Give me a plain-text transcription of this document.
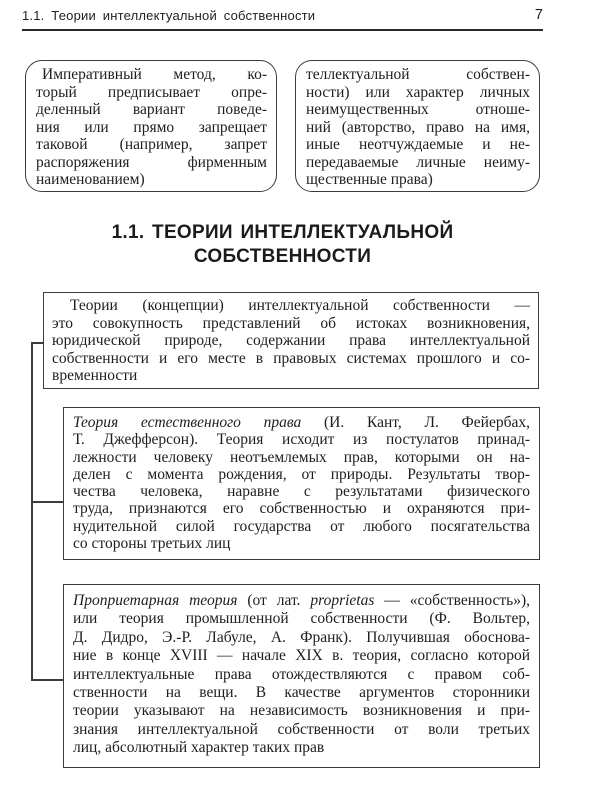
1.1. Теории интеллектуальной собственности	7
Императивный метод, ко-
торый предписывает опре-
деленный вариант поведе-
ния или прямо запрещает
таковой (например, запрет
распоряжения фирменным
наименованием)
теллектуальной собствен-
ности) или характер личных
неимущественных отноше-
ний (авторство, право на имя,
иные неотчуждаемые и не-
передаваемые личные неиму-
щественные права)
1.1. ТЕОРИИ ИНТЕЛЛЕКТУАЛЬНОЙ
СОБСТВЕННОСТИ
Теории (концепции) интеллектуальной собственности —
это совокупность представлений об истоках возникновения,
юридической природе, содержании права интеллектуальной
собственности и его месте в правовых системах прошлого и со-
временности
Теория естественного права (И. Кант, Л. Фейербах,
Т. Джефферсон). Теория исходит из постулатов принад-
лежности человеку неотъемлемых прав, которыми он на-
делен с момента рождения, от природы. Результаты твор-
чества человека, наравне с результатами физического
труда, признаются его собственностью и охраняются при-
нудительной силой государства от любого посягательства
со стороны третьих лиц
Проприетарная теория (от лат. proprietas — «собственность»),
или теория промышленной собственности (Ф. Вольтер,
Д. Дидро, Э.-Р. Лабуле, А. Франк). Получившая обоснова-
ние в конце XVIII — начале XIX в. теория, согласно которой
интеллектуальные права отождествляются с правом соб-
ственности на вещи. В качестве аргументов сторонники
теории указывают на независимость возникновения и при-
знания интеллектуальной собственности от воли третьих
лиц, абсолютный характер таких прав
